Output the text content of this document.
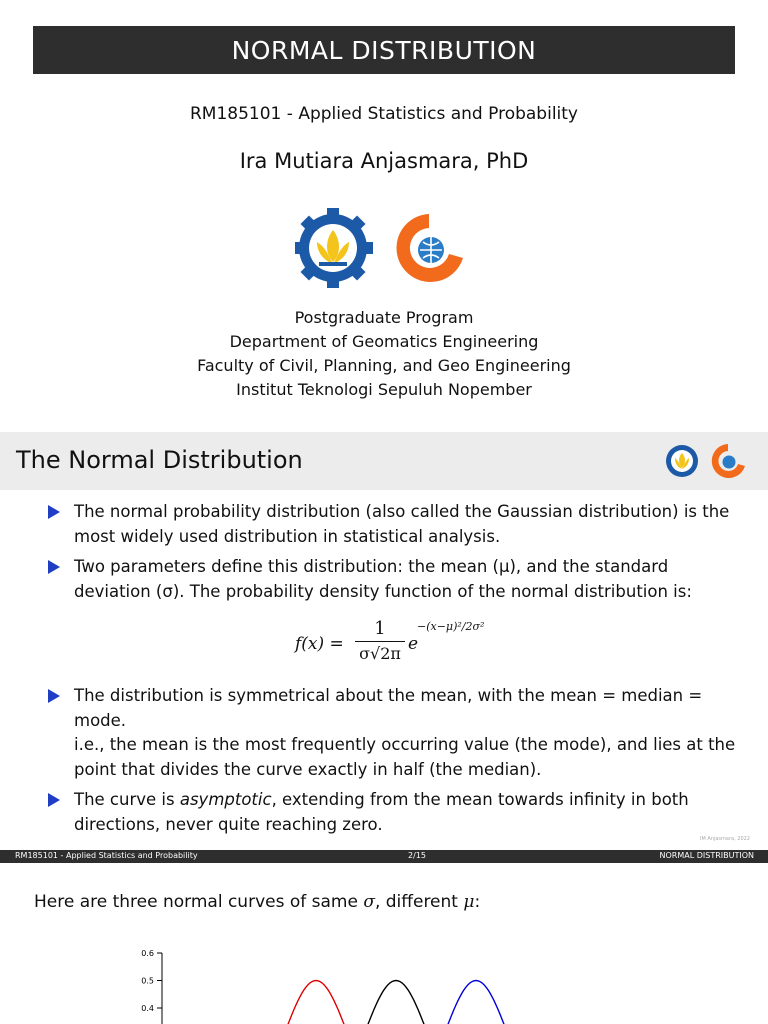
NORMAL DISTRIBUTION
RM185101 - Applied Statistics and Probability
Ira Mutiara Anjasmara, PhD
Postgraduate Program
Department of Geomatics Engineering
Faculty of Civil, Planning, and Geo Engineering
Institut Teknologi Sepuluh Nopember
The Normal Distribution
The normal probability distribution (also called the Gaussian distribution) is the most widely used distribution in statistical analysis.
Two parameters define this distribution: the mean (μ), and the standard deviation (σ). The probability density function of the normal distribution is:
The distribution is symmetrical about the mean, with the mean = median = mode.
i.e., the mean is the most frequently occurring value (the mode), and lies at the point that divides the curve exactly in half (the median).
The curve is asymptotic, extending from the mean towards infinity in both directions, never quite reaching zero.
f(x) =
1
σ√2π e
−(x−μ)²/2σ²
IM Anjasmara, 2022
RM185101 - Applied Statistics and Probability	2/15	NORMAL DISTRIBUTION
Here are three normal curves of same σ, different μ:
0.6
0.5
0.4
